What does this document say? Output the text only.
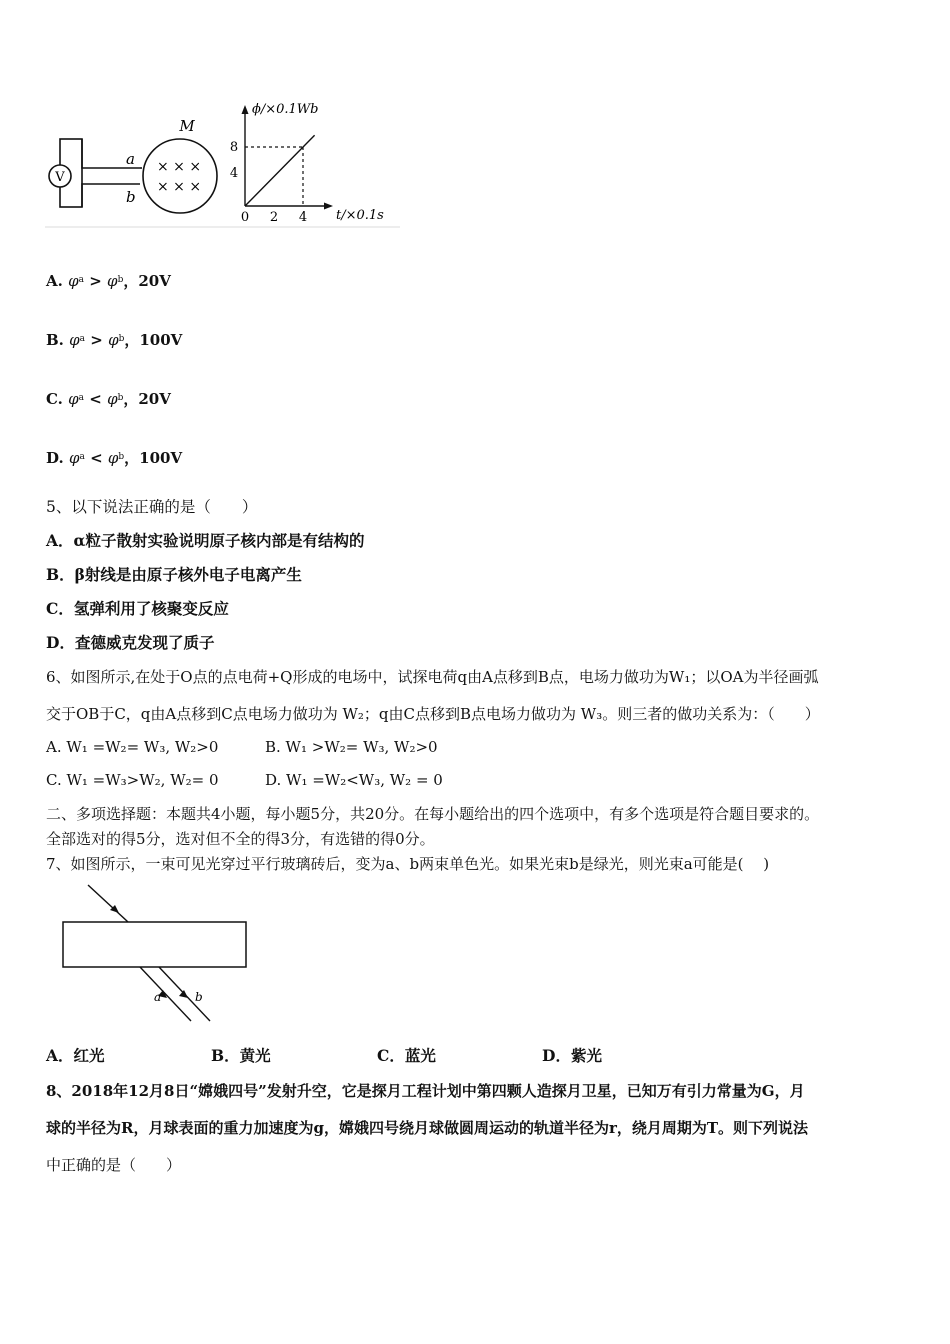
V
M
a
b
× × ×
× × ×
ϕ/×0.1Wb
t/×0.1s
8
4
0 2 4
A. $\varphi^a > \varphi^b$，20V
B. $\varphi^a > \varphi^b$，100V
C. $\varphi^a < \varphi^b$，20V
D. $\varphi^a < \varphi^b$，100V
5、以下说法正确的是（　　）
A．α粒子散射实验说明原子核内部是有结构的
B．β射线是由原子核外电子电离产生
C．氢弹利用了核聚变反应
D．查德威克发现了质子
6、如图所示,在处于O点的点电荷+Q形成的电场中，试探电荷q由A点移到B点，电场力做功为W₁；以OA为半径画弧
交于OB于C，q由A点移到C点电场力做功为 W₂；q由C点移到B点电场力做功为 W₃。则三者的做功关系为：（　　）
A. W₁ =W₂= W₃, W₂>0	B. W₁ >W₂= W₃, W₂>0
C. W₁ =W₃>W₂, W₂= 0	D. W₁ =W₂<W₃, W₂ = 0
二、多项选择题：本题共4小题，每小题5分，共20分。在每小题给出的四个选项中，有多个选项是符合题目要求的。
全部选对的得5分，选对但不全的得3分，有选错的得0分。
7、如图所示，一束可见光穿过平行玻璃砖后，变为a、b两束单色光。如果光束b是绿光，则光束a可能是(　 )
a	b
A．红光	B．黄光	C．蓝光	D．紫光
8、2018年12月8日“嫦娥四号”发射升空，它是探月工程计划中第四颗人造探月卫星，已知万有引力常量为G，月
球的半径为R，月球表面的重力加速度为g，嫦娥四号绕月球做圆周运动的轨道半径为r，绕月周期为T。则下列说法
中正确的是（　　）
